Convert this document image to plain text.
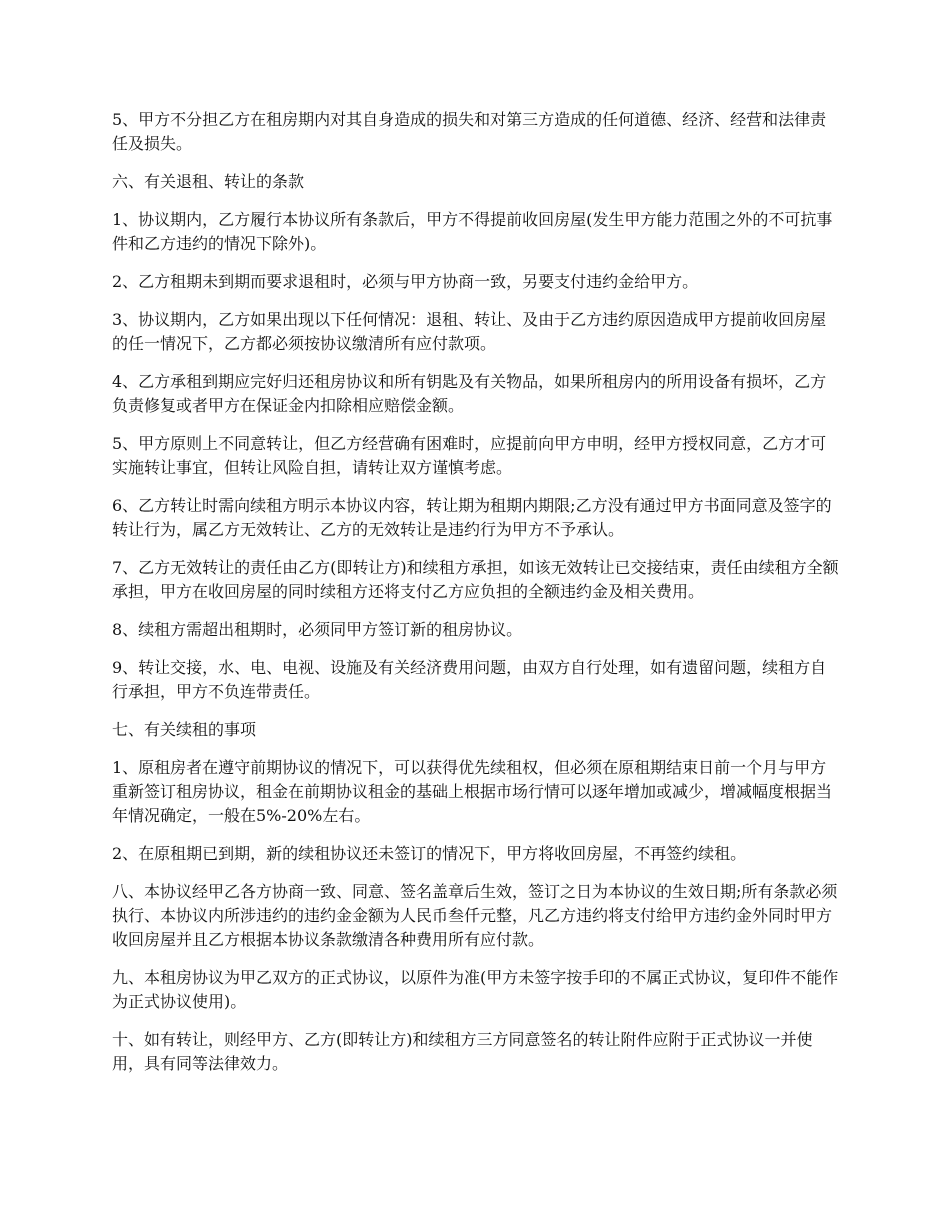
5、甲方不分担乙方在租房期内对其自身造成的损失和对第三方造成的任何道德、经济、经营和法律责任及损失。

六、有关退租、转让的条款

1、协议期内，乙方履行本协议所有条款后，甲方不得提前收回房屋(发生甲方能力范围之外的不可抗事件和乙方违约的情况下除外)。

2、乙方租期未到期而要求退租时，必须与甲方协商一致，另要支付违约金给甲方。

3、协议期内，乙方如果出现以下任何情况：退租、转让、及由于乙方违约原因造成甲方提前收回房屋的任一情况下，乙方都必须按协议缴清所有应付款项。

4、乙方承租到期应完好归还租房协议和所有钥匙及有关物品，如果所租房内的所用设备有损坏，乙方负责修复或者甲方在保证金内扣除相应赔偿金额。

5、甲方原则上不同意转让，但乙方经营确有困难时，应提前向甲方申明，经甲方授权同意，乙方才可实施转让事宜，但转让风险自担，请转让双方谨慎考虑。

6、乙方转让时需向续租方明示本协议内容，转让期为租期内期限;乙方没有通过甲方书面同意及签字的转让行为，属乙方无效转让、乙方的无效转让是违约行为甲方不予承认。

7、乙方无效转让的责任由乙方(即转让方)和续租方承担，如该无效转让已交接结束，责任由续租方全额承担，甲方在收回房屋的同时续租方还将支付乙方应负担的全额违约金及相关费用。

8、续租方需超出租期时，必须同甲方签订新的租房协议。

9、转让交接，水、电、电视、设施及有关经济费用问题，由双方自行处理，如有遗留问题，续租方自行承担，甲方不负连带责任。

七、有关续租的事项

1、原租房者在遵守前期协议的情况下，可以获得优先续租权，但必须在原租期结束日前一个月与甲方重新签订租房协议，租金在前期协议租金的基础上根据市场行情可以逐年增加或减少，增减幅度根据当年情况确定，一般在5%-20%左右。

2、在原租期已到期，新的续租协议还未签订的情况下，甲方将收回房屋，不再签约续租。

八、本协议经甲乙各方协商一致、同意、签名盖章后生效，签订之日为本协议的生效日期;所有条款必须执行、本协议内所涉违约的违约金金额为人民币叁仟元整，凡乙方违约将支付给甲方违约金外同时甲方收回房屋并且乙方根据本协议条款缴清各种费用所有应付款。

九、本租房协议为甲乙双方的正式协议，以原件为准(甲方未签字按手印的不属正式协议，复印件不能作为正式协议使用)。

十、如有转让，则经甲方、乙方(即转让方)和续租方三方同意签名的转让附件应附于正式协议一并使用，具有同等法律效力。
